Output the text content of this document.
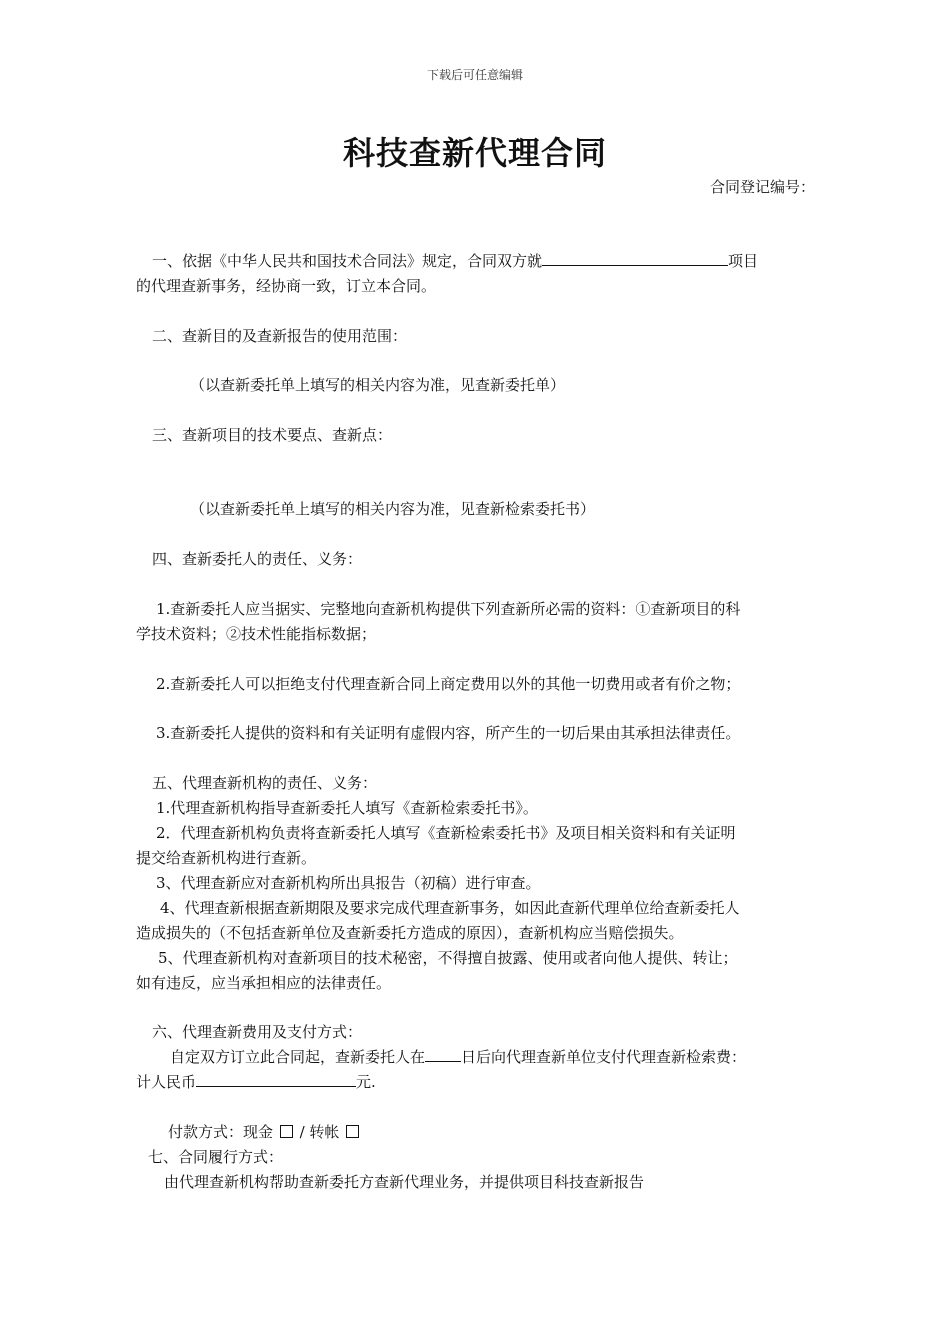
下载后可任意编辑
科技查新代理合同
合同登记编号：
一、依据《中华人民共和国技术合同法》规定，合同双方就	项目
的代理查新事务，经协商一致，订立本合同。
二、查新目的及查新报告的使用范围：
（以查新委托单上填写的相关内容为准，见查新委托单）
三、查新项目的技术要点、查新点：
（以查新委托单上填写的相关内容为准，见查新检索委托书）
四、查新委托人的责任、义务：
1.查新委托人应当据实、完整地向查新机构提供下列查新所必需的资料：①查新项目的科
学技术资料；②技术性能指标数据；
2.查新委托人可以拒绝支付代理查新合同上商定费用以外的其他一切费用或者有价之物；
3.查新委托人提供的资料和有关证明有虚假内容，所产生的一切后果由其承担法律责任。
五、代理查新机构的责任、义务：
1.代理查新机构指导查新委托人填写《查新检索委托书》。
2．代理查新机构负责将查新委托人填写《查新检索委托书》及项目相关资料和有关证明
提交给查新机构进行查新。
3、代理查新应对查新机构所出具报告（初稿）进行审查。
4、代理查新根据查新期限及要求完成代理查新事务，如因此查新代理单位给查新委托人
造成损失的（不包括查新单位及查新委托方造成的原因），查新机构应当赔偿损失。
5、代理查新机构对查新项目的技术秘密，不得擅自披露、使用或者向他人提供、转让；
如有违反，应当承担相应的法律责任。
六、代理查新费用及支付方式：
自定双方订立此合同起，查新委托人在 日后向代理查新单位支付代理查新检索费：
计人民币	元.
付款方式：现金 / 转帐
七、合同履行方式：
由代理查新机构帮助查新委托方查新代理业务，并提供项目科技查新报告
